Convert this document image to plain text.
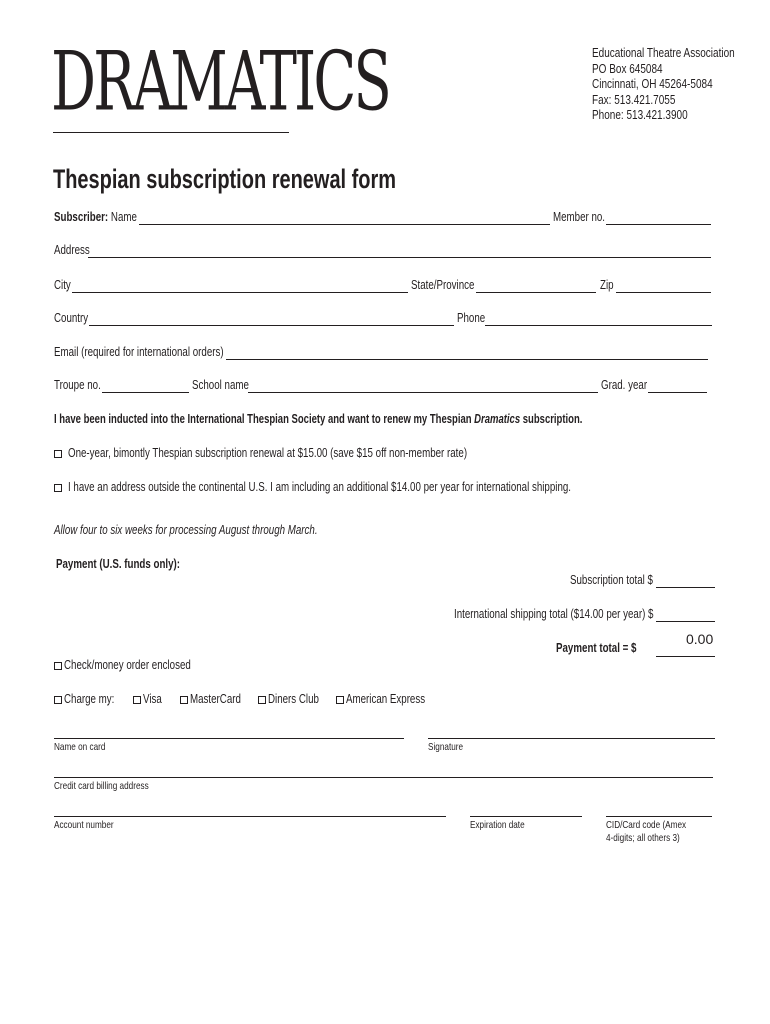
DRAMATICS	Educational Theatre Association
PO Box 645084
Cincinnati, OH 45264-5084
Fax: 513.421.7055
Phone: 513.421.3900
Thespian subscription renewal form
Subscriber: Name	Member no.
Address
City	State/Province	Zip
Country	Phone
Email (required for international orders)
Troupe no.	School name	Grad. year
I have been inducted into the International Thespian Society and want to renew my Thespian Dramatics subscription.
One-year, bimontly Thespian subscription renewal at $15.00 (save $15 off non-member rate)
I have an address outside the continental U.S. I am including an additional $14.00 per year for international shipping.
Allow four to six weeks for processing August through March.
Payment (U.S. funds only):
Subscription total $
International shipping total ($14.00 per year) $
Payment total = $
0.00
Check/money order enclosed
Charge my:	Visa	MasterCard	Diners Club	American Express
Name on card	Signature
Credit card billing address
Account number	Expiration date	CID/Card code (Amex
4-digits; all others 3)
